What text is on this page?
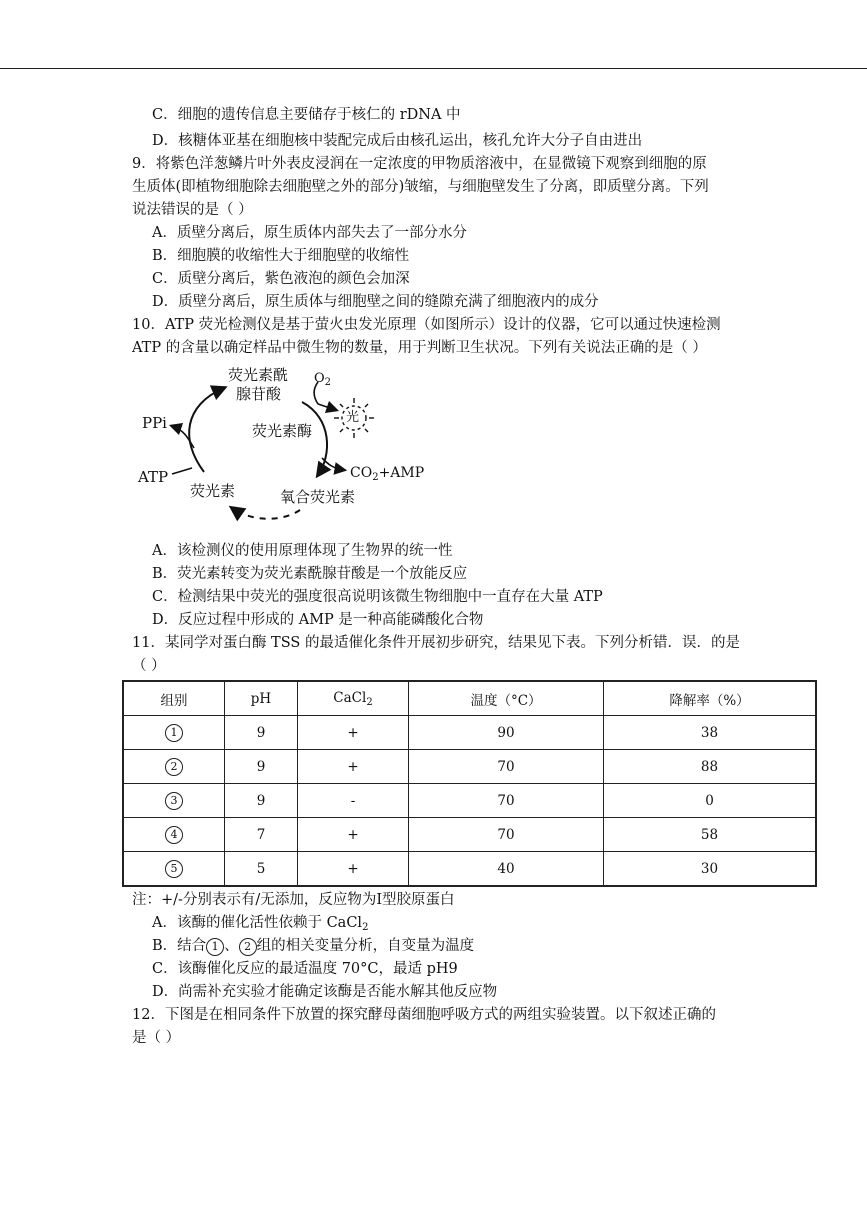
C．细胞的遗传信息主要储存于核仁的 rDNA 中
D．核糖体亚基在细胞核中装配完成后由核孔运出，核孔允许大分子自由进出
9．将紫色洋葱鳞片叶外表皮浸润在一定浓度的甲物质溶液中，在显微镜下观察到细胞的原
生质体(即植物细胞除去细胞壁之外的部分)皱缩，与细胞壁发生了分离，即质壁分离。下列
说法错误的是（ ）
A．质壁分离后，原生质体内部失去了一部分水分
B．细胞膜的收缩性大于细胞壁的收缩性
C．质壁分离后，紫色液泡的颜色会加深
D．质壁分离后，原生质体与细胞壁之间的缝隙充满了细胞液内的成分
10．ATP 荧光检测仪是基于萤火虫发光原理（如图所示）设计的仪器，它可以通过快速检测
ATP 的含量以确定样品中微生物的数量，用于判断卫生状况。下列有关说法正确的是（ ）
A．该检测仪的使用原理体现了生物界的统一性
B．荧光素转变为荧光素酰腺苷酸是一个放能反应
C．检测结果中荧光的强度很高说明该微生物细胞中一直存在大量 ATP
D．反应过程中形成的 AMP 是一种高能磷酸化合物
11．某同学对蛋白酶 TSS 的最适催化条件开展初步研究，结果见下表。下列分析错．误．的是
（ ）
注：+/-分别表示有/无添加，反应物为Ⅰ型胶原蛋白
A．该酶的催化活性依赖于 CaCl$_2$
B．结合 1 、 2 组的相关变量分析，自变量为温度
C．该酶催化反应的最适温度 70°C，最适 pH9
D．尚需补充实验才能确定该酶是否能水解其他反应物
12．下图是在相同条件下放置的探究酵母菌细胞呼吸方式的两组实验装置。以下叙述正确的
是（ ）
荧光素酰
腺苷酸
$O_2$
光
荧光素酶
PPi
ATP
荧光素
$CO_2+AMP$
氧合荧光素
组别	pH	CaCl$_2$	温度（°C）	降解率（%）
1	9	+	90	38
2	9	+	70	88
3	9	-	70	0
4	7	+	70	58
5	5	+	40	30
